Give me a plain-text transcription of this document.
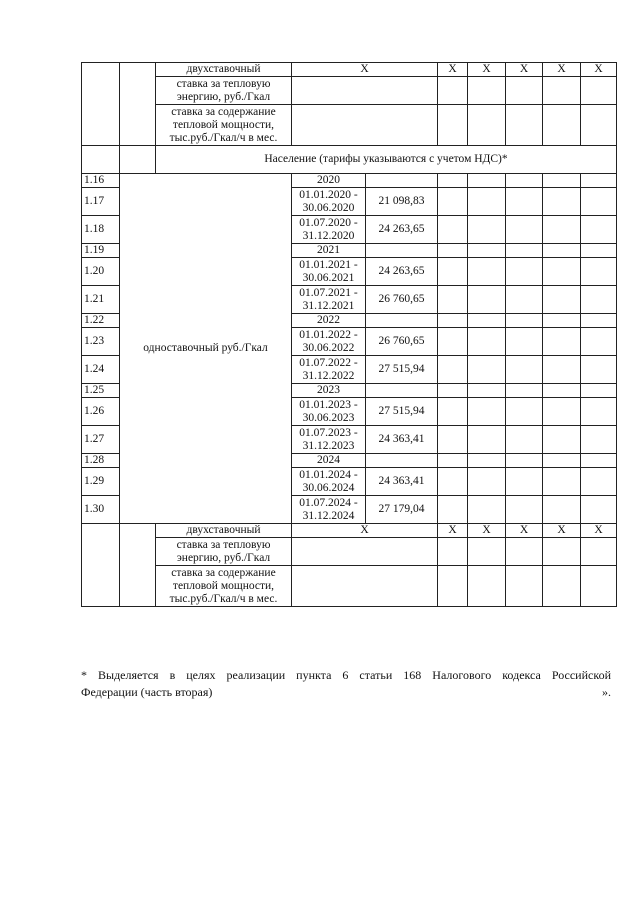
		двухставочный	X		X	X	X	X	X
		ставка за тепловую энергию, руб./Гкал							
		ставка за содержание тепловой мощности, тыс.руб./Гкал/ч в мес.							
		Население (тарифы указываются с учетом НДС)*							
1.16	одноставочный руб./Гкал		2020						
1.17			01.01.2020 - 30.06.2020	21 098,83					
1.18			01.07.2020 - 31.12.2020	24 263,65					
1.19			2021						
1.20			01.01.2021 - 30.06.2021	24 263,65					
1.21			01.07.2021 - 31.12.2021	26 760,65					
1.22			2022						
1.23			01.01.2022 - 30.06.2022	26 760,65					
1.24			01.07.2022 - 31.12.2022	27 515,94					
1.25			2023						
1.26			01.01.2023 - 30.06.2023	27 515,94					
1.27			01.07.2023 - 31.12.2023	24 363,41					
1.28			2024						
1.29			01.01.2024 - 30.06.2024	24 363,41					
1.30			01.07.2024 - 31.12.2024	27 179,04					
		двухставочный	X		X	X	X	X	X
		ставка за тепловую энергию, руб./Гкал							
		ставка за содержание тепловой мощности, тыс.руб./Гкал/ч в мес.							
* Выделяется в целях реализации пункта 6 статьи 168 Налогового кодекса Российской
Федерации (часть вторая)	».
